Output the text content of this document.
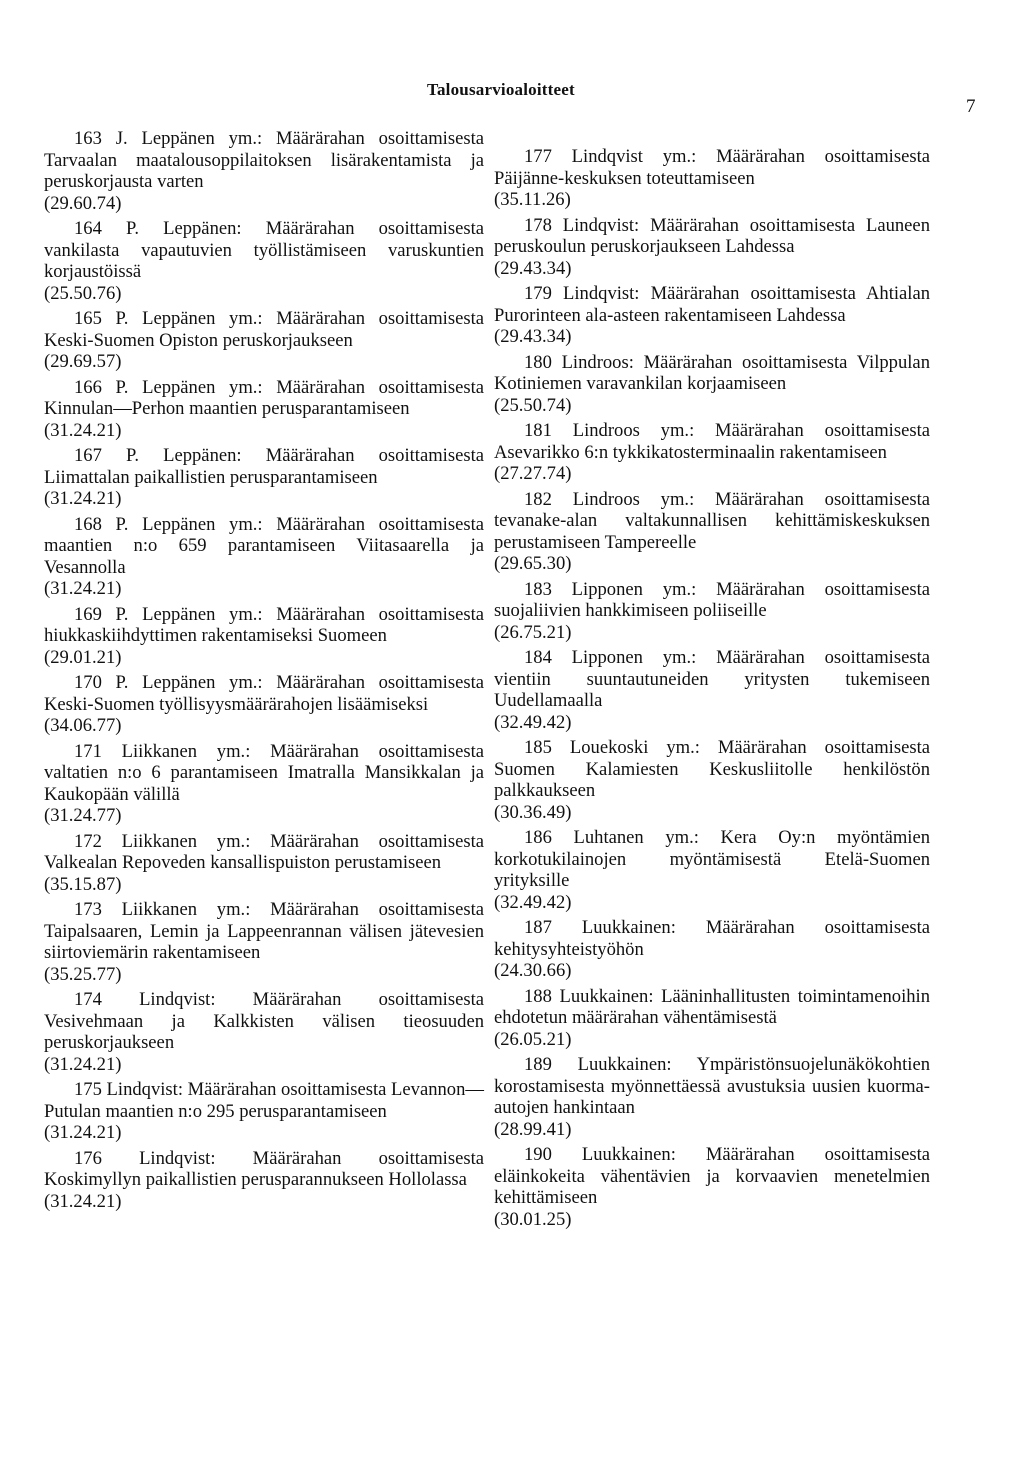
Talousarvioaloitteet
7
163 J. Leppänen ym.: Määrärahan osoittamisesta Tarvaalan maatalousoppilaitoksen lisärakentamista ja peruskorjausta varten
(29.60.74)
164 P. Leppänen: Määrärahan osoittamisesta vankilasta vapautuvien työllistämiseen varuskuntien korjaustöissä
(25.50.76)
165 P. Leppänen ym.: Määrärahan osoittamisesta Keski-Suomen Opiston peruskorjaukseen
(29.69.57)
166 P. Leppänen ym.: Määrärahan osoittamisesta Kinnulan—Perhon maantien perusparantamiseen
(31.24.21)
167 P. Leppänen: Määrärahan osoittamisesta Liimattalan paikallistien perusparantamiseen
(31.24.21)
168 P. Leppänen ym.: Määrärahan osoittamisesta maantien n:o 659 parantamiseen Viitasaarella ja Vesannolla
(31.24.21)
169 P. Leppänen ym.: Määrärahan osoittamisesta hiukkaskiihdyttimen rakentamiseksi Suomeen
(29.01.21)
170 P. Leppänen ym.: Määrärahan osoittamisesta Keski-Suomen työllisyysmäärärahojen lisäämiseksi
(34.06.77)
171 Liikkanen ym.: Määrärahan osoittamisesta valtatien n:o 6 parantamiseen Imatralla Mansikkalan ja Kaukopään välillä
(31.24.77)
172 Liikkanen ym.: Määrärahan osoittamisesta Valkealan Repoveden kansallispuiston perustamiseen
(35.15.87)
173 Liikkanen ym.: Määrärahan osoittamisesta Taipalsaaren, Lemin ja Lappeenrannan välisen jätevesien siirtoviemärin rakentamiseen
(35.25.77)
174 Lindqvist: Määrärahan osoittamisesta Vesivehmaan ja Kalkkisten välisen tieosuuden peruskorjaukseen
(31.24.21)
175 Lindqvist: Määrärahan osoittamisesta Levannon—Putulan maantien n:o 295 perusparantamiseen
(31.24.21)
176 Lindqvist: Määrärahan osoittamisesta Koskimyllyn paikallistien perusparannukseen Hollolassa
(31.24.21)
177 Lindqvist ym.: Määrärahan osoittamisesta Päijänne-keskuksen toteuttamiseen
(35.11.26)
178 Lindqvist: Määrärahan osoittamisesta Launeen peruskoulun peruskorjaukseen Lahdessa
(29.43.34)
179 Lindqvist: Määrärahan osoittamisesta Ahtialan Purorinteen ala-asteen rakentamiseen Lahdessa
(29.43.34)
180 Lindroos: Määrärahan osoittamisesta Vilppulan Kotiniemen varavankilan korjaamiseen
(25.50.74)
181 Lindroos ym.: Määrärahan osoittamisesta Asevarikko 6:n tykkikatosterminaalin rakentamiseen
(27.27.74)
182 Lindroos ym.: Määrärahan osoittamisesta tevanake-alan valtakunnallisen kehittämiskeskuksen perustamiseen Tampereelle
(29.65.30)
183 Lipponen ym.: Määrärahan osoittamisesta suojaliivien hankkimiseen poliiseille
(26.75.21)
184 Lipponen ym.: Määrärahan osoittamisesta vientiin suuntautuneiden yritysten tukemiseen Uudellamaalla
(32.49.42)
185 Louekoski ym.: Määrärahan osoittamisesta Suomen Kalamiesten Keskusliitolle henkilöstön palkkaukseen
(30.36.49)
186 Luhtanen ym.: Kera Oy:n myöntämien korkotukilainojen myöntämisestä Etelä-Suomen yrityksille
(32.49.42)
187 Luukkainen: Määrärahan osoittamisesta kehitysyhteistyöhön
(24.30.66)
188 Luukkainen: Lääninhallitusten toimintamenoihin ehdotetun määrärahan vähentämisestä
(26.05.21)
189 Luukkainen: Ympäristönsuojelunäkökohtien korostamisesta myönnettäessä avustuksia uusien kuorma-autojen hankintaan
(28.99.41)
190 Luukkainen: Määrärahan osoittamisesta eläinkokeita vähentävien ja korvaavien menetelmien kehittämiseen
(30.01.25)
